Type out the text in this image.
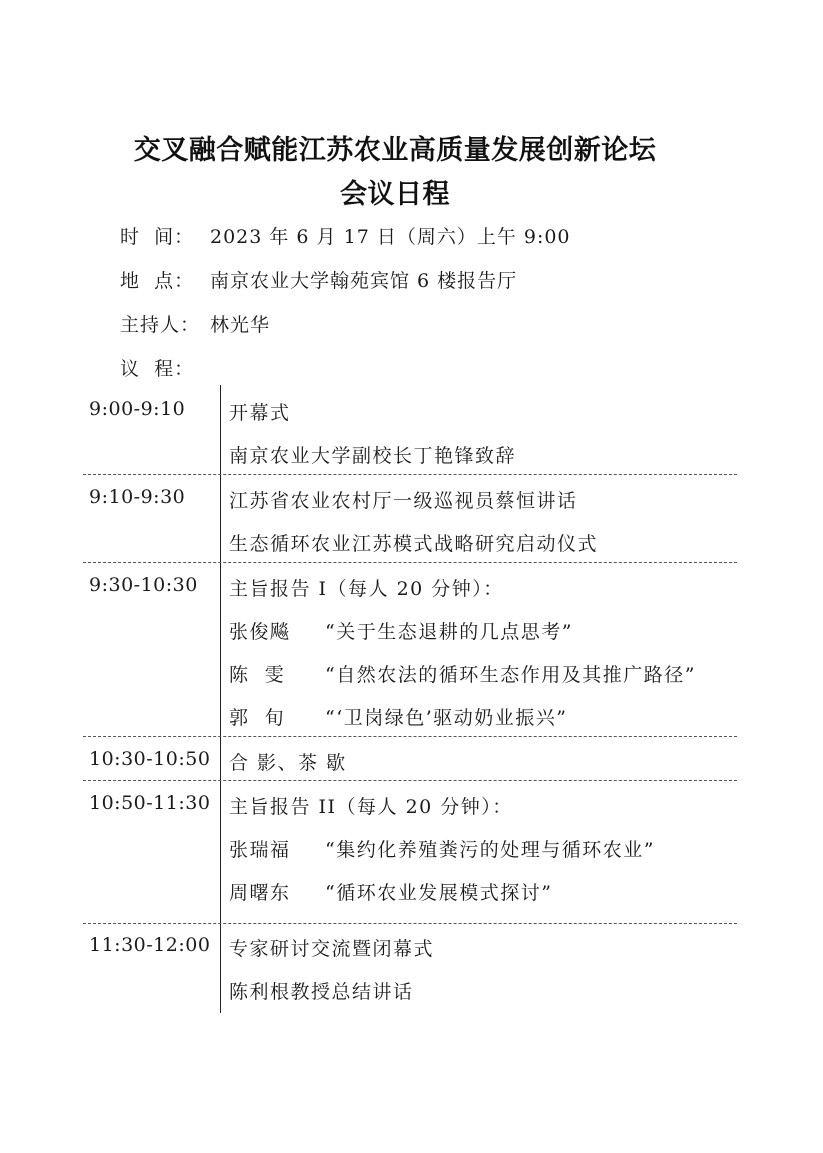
交叉融合赋能江苏农业高质量发展创新论坛
会议日程
时  间： 2023 年 6 月 17 日（周六）上午 9:00
地  点： 南京农业大学翰苑宾馆 6 楼报告厅
主持人： 林光华
议  程：
9:00-9:10 开幕式
南京农业大学副校长丁艳锋致辞
9:10-9:30 江苏省农业农村厅一级巡视员蔡恒讲话
生态循环农业江苏模式战略研究启动仪式
9:30-10:30 主旨报告 I（每人 20 分钟）：
张俊飚 “关于生态退耕的几点思考”
陈  雯 “自然农法的循环生态作用及其推广路径”
郭  旬 “‘卫岗绿色’驱动奶业振兴”
10:30-10:50 合 影、茶 歇
10:50-11:30 主旨报告 II（每人 20 分钟）：
张瑞福 “集约化养殖粪污的处理与循环农业”
周曙东 “循环农业发展模式探讨”
11:30-12:00 专家研讨交流暨闭幕式
陈利根教授总结讲话
